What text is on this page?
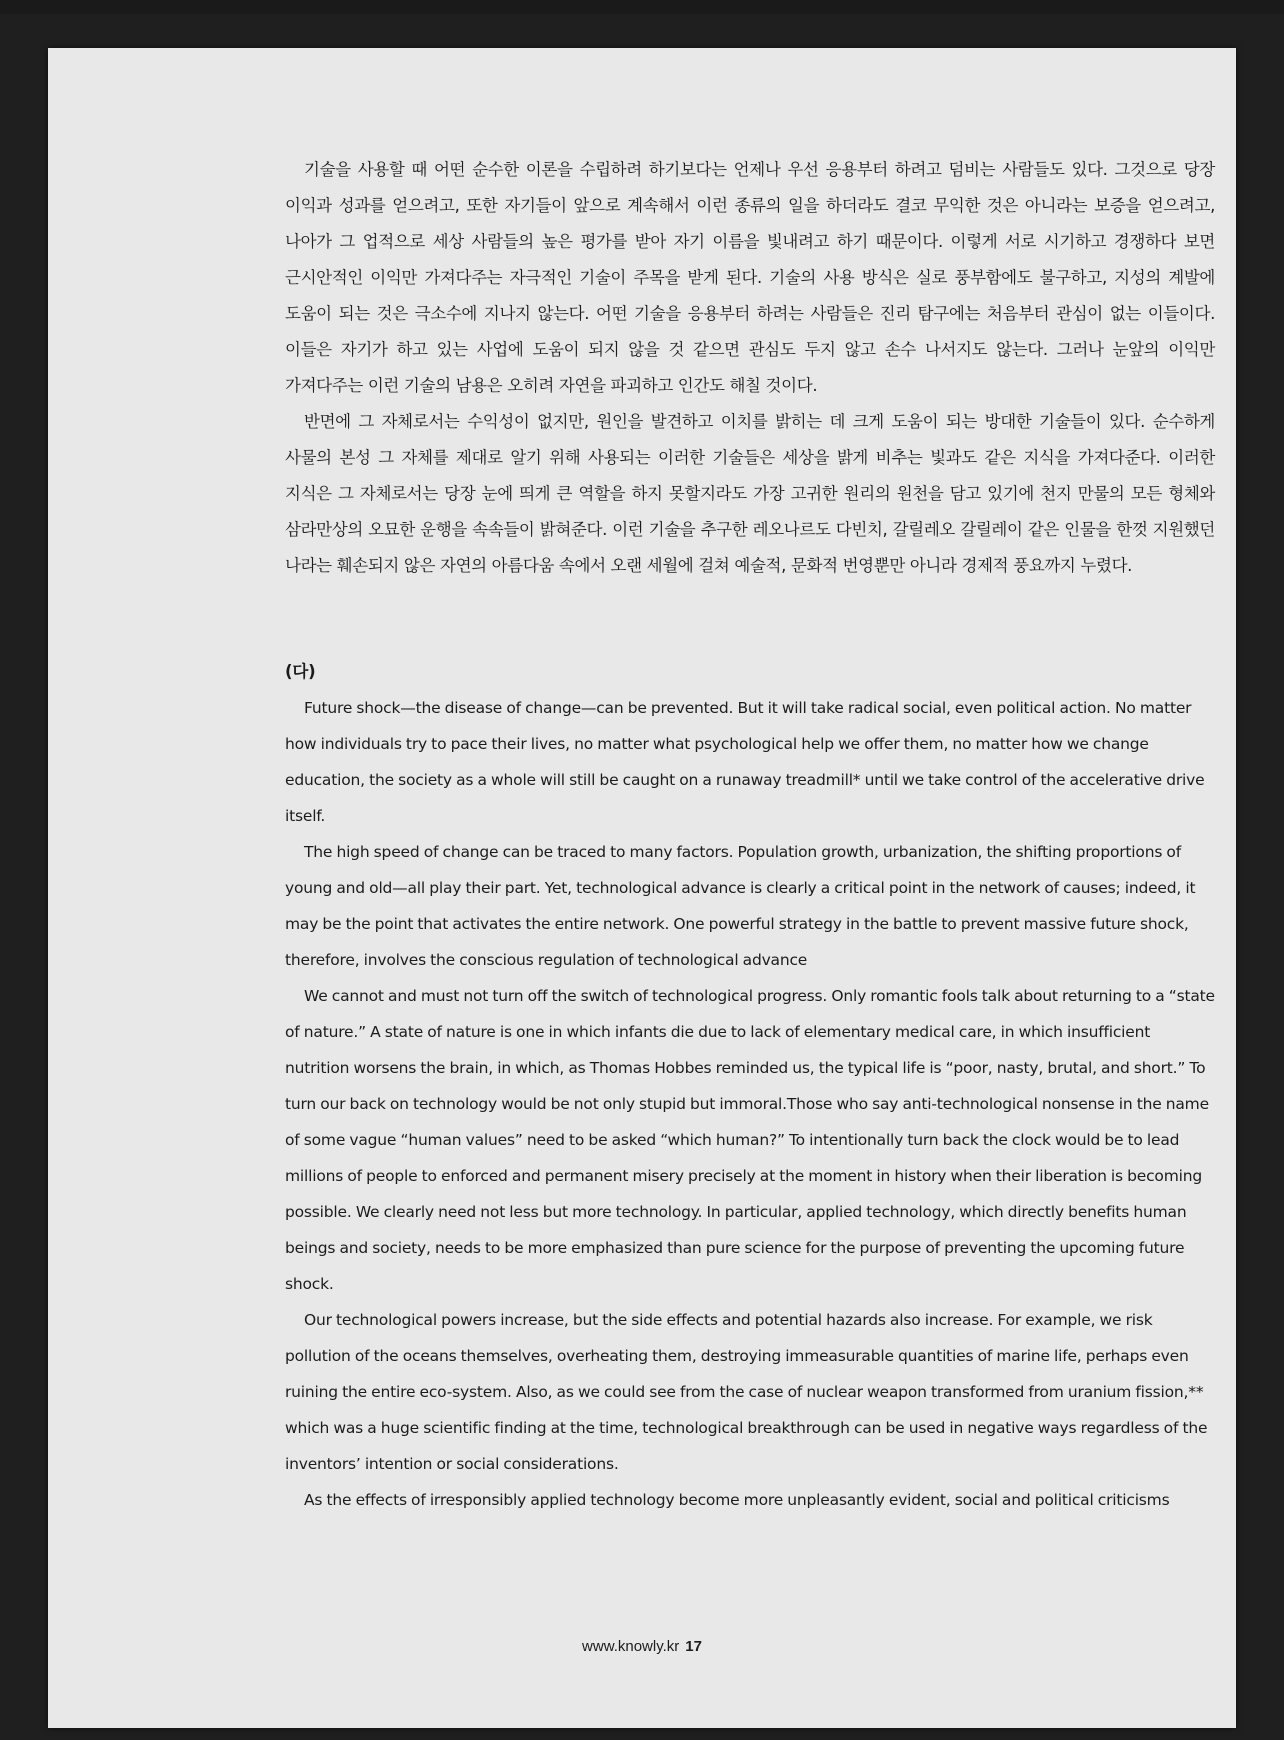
기술을 사용할 때 어떤 순수한 이론을 수립하려 하기보다는 언제나 우선 응용부터 하려고 덤비는 사람들도 있다. 그것으로 당장 이익과 성과를 얻으려고, 또한 자기들이 앞으로 계속해서 이런 종류의 일을 하더라도 결코 무익한 것은 아니라는 보증을 얻으려고, 나아가 그 업적으로 세상 사람들의 높은 평가를 받아 자기 이름을 빛내려고 하기 때문이다. 이렇게 서로 시기하고 경쟁하다 보면 근시안적인 이익만 가져다주는 자극적인 기술이 주목을 받게 된다. 기술의 사용 방식은 실로 풍부함에도 불구하고, 지성의 계발에 도움이 되는 것은 극소수에 지나지 않는다. 어떤 기술을 응용부터 하려는 사람들은 진리 탐구에는 처음부터 관심이 없는 이들이다. 이들은 자기가 하고 있는 사업에 도움이 되지 않을 것 같으면 관심도 두지 않고 손수 나서지도 않는다. 그러나 눈앞의 이익만 가져다주는 이런 기술의 남용은 오히려 자연을 파괴하고 인간도 해칠 것이다.

반면에 그 자체로서는 수익성이 없지만, 원인을 발견하고 이치를 밝히는 데 크게 도움이 되는 방대한 기술들이 있다. 순수하게 사물의 본성 그 자체를 제대로 알기 위해 사용되는 이러한 기술들은 세상을 밝게 비추는 빛과도 같은 지식을 가져다준다. 이러한 지식은 그 자체로서는 당장 눈에 띄게 큰 역할을 하지 못할지라도 가장 고귀한 원리의 원천을 담고 있기에 천지 만물의 모든 형체와 삼라만상의 오묘한 운행을 속속들이 밝혀준다. 이런 기술을 추구한 레오나르도 다빈치, 갈릴레오 갈릴레이 같은 인물을 한껏 지원했던 나라는 훼손되지 않은 자연의 아름다움 속에서 오랜 세월에 걸쳐 예술적, 문화적 번영뿐만 아니라 경제적 풍요까지 누렸다.

(다)

Future shock—the disease of change—can be prevented. But it will take radical social, even political action. No matter how individuals try to pace their lives, no matter what psychological help we offer them, no matter how we change education, the society as a whole will still be caught on a runaway treadmill* until we take control of the accelerative drive itself.

The high speed of change can be traced to many factors. Population growth, urbanization, the shifting proportions of young and old—all play their part. Yet, technological advance is clearly a critical point in the network of causes; indeed, it may be the point that activates the entire network. One powerful strategy in the battle to prevent massive future shock, therefore, involves the conscious regulation of technological advance

We cannot and must not turn off the switch of technological progress. Only romantic fools talk about returning to a “state of nature.” A state of nature is one in which infants die due to lack of elementary medical care, in which insufficient nutrition worsens the brain, in which, as Thomas Hobbes reminded us, the typical life is “poor, nasty, brutal, and short.” To turn our back on technology would be not only stupid but immoral.Those who say anti-technological nonsense in the name of some vague “human values” need to be asked “which human?” To intentionally turn back the clock would be to lead millions of people to enforced and permanent misery precisely at the moment in history when their liberation is becoming possible. We clearly need not less but more technology. In particular, applied technology, which directly benefits human beings and society, needs to be more emphasized than pure science for the purpose of preventing the upcoming future shock.

Our technological powers increase, but the side effects and potential hazards also increase. For example, we risk pollution of the oceans themselves, overheating them, destroying immeasurable quantities of marine life, perhaps even ruining the entire eco-system. Also, as we could see from the case of nuclear weapon transformed from uranium fission,** which was a huge scientific finding at the time, technological breakthrough can be used in negative ways regardless of the inventors’ intention or social considerations.

As the effects of irresponsibly applied technology become more unpleasantly evident, social and political criticisms

www.knowly.kr 17
